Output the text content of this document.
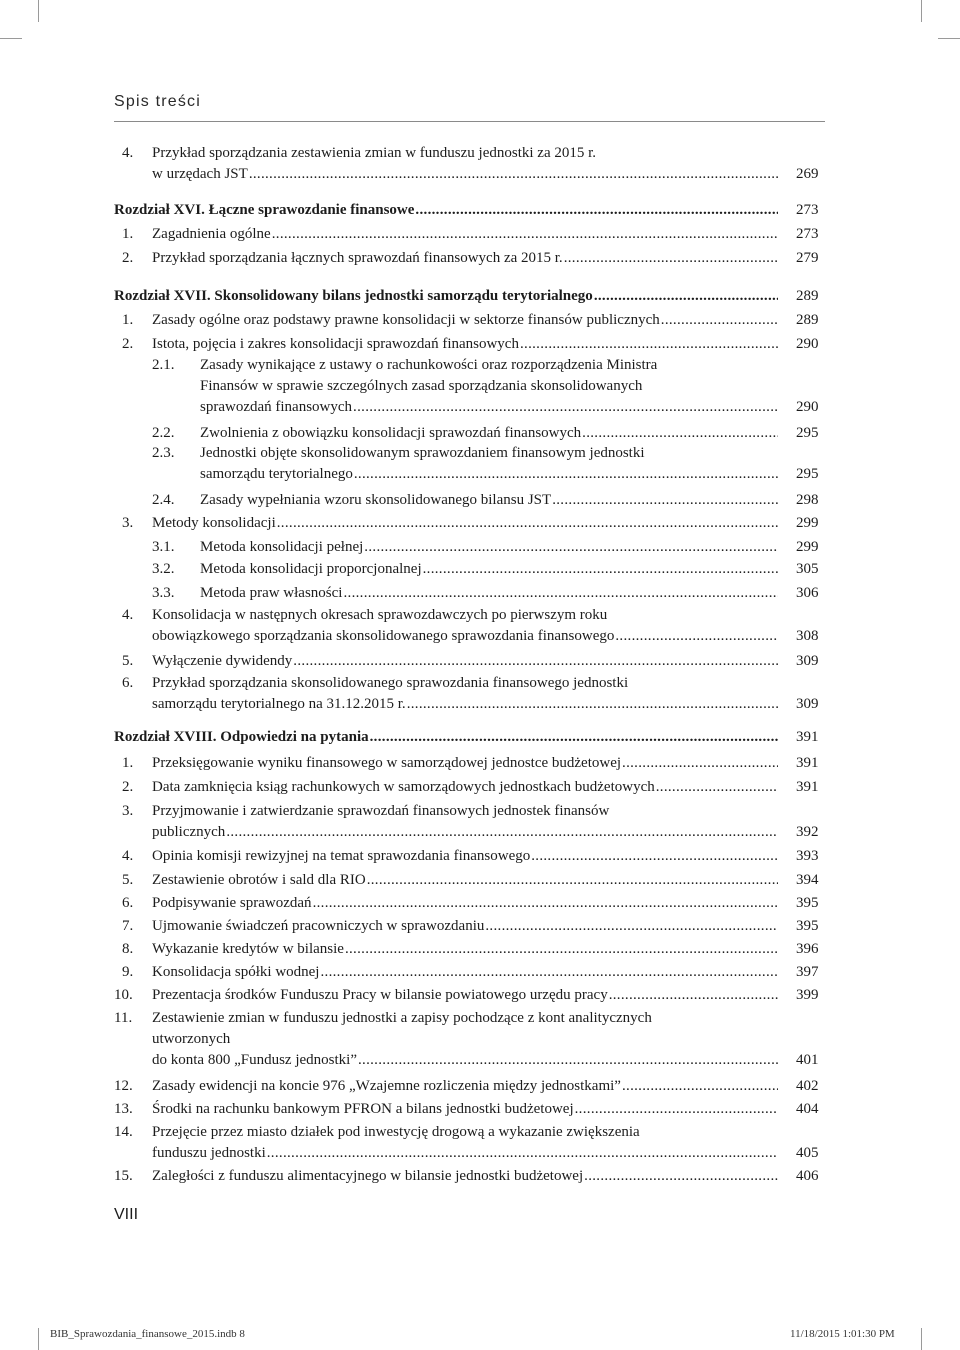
Spis treści
4. Przykład sporządzania zestawienia zmian w funduszu jednostki za 2015 r.
w urzędach JST .....	269
Rozdział XVI. Łączne sprawozdanie finansowe .....	273
1. Zagadnienia ogólne .....	273
2. Przykład sporządzania łącznych sprawozdań finansowych za 2015 r. .....	279
Rozdział XVII. Skonsolidowany bilans jednostki samorządu terytorialnego .....	289
1. Zasady ogólne oraz podstawy prawne konsolidacji w sektorze finansów publicznych .....	289
2. Istota, pojęcia i zakres konsolidacji sprawozdań finansowych .....	290
2.1. Zasady wynikające z ustawy o rachunkowości oraz rozporządzenia Ministra
Finansów w sprawie szczególnych zasad sporządzania skonsolidowanych
sprawozdań finansowych .....	290
2.2. Zwolnienia z obowiązku konsolidacji sprawozdań finansowych .....	295
2.3. Jednostki objęte skonsolidowanym sprawozdaniem finansowym jednostki
samorządu terytorialnego .....	295
2.4. Zasady wypełniania wzoru skonsolidowanego bilansu JST .....	298
3. Metody konsolidacji .....	299
3.1. Metoda konsolidacji pełnej .....	299
3.2. Metoda konsolidacji proporcjonalnej .....	305
3.3. Metoda praw własności .....	306
4. Konsolidacja w następnych okresach sprawozdawczych po pierwszym roku
obowiązkowego sporządzania skonsolidowanego sprawozdania finansowego .....	308
5. Wyłączenie dywidendy .....	309
6. Przykład sporządzania skonsolidowanego sprawozdania finansowego jednostki
samorządu terytorialnego na 31.12.2015 r. .....	309
Rozdział XVIII. Odpowiedzi na pytania .....	391
1. Przeksięgowanie wyniku finansowego w samorządowej jednostce budżetowej .....	391
2. Data zamknięcia ksiąg rachunkowych w samorządowych jednostkach budżetowych .....	391
3. Przyjmowanie i zatwierdzanie sprawozdań finansowych jednostek finansów
publicznych .....	392
4. Opinia komisji rewizyjnej na temat sprawozdania finansowego .....	393
5. Zestawienie obrotów i sald dla RIO .....	394
6. Podpisywanie sprawozdań .....	395
7. Ujmowanie świadczeń pracowniczych w sprawozdaniu .....	395
8. Wykazanie kredytów w bilansie .....	396
9. Konsolidacja spółki wodnej .....	397
10. Prezentacja środków Funduszu Pracy w bilansie powiatowego urzędu pracy .....	399
11. Zestawienie zmian w funduszu jednostki a zapisy pochodzące z kont analitycznych
utworzonych
do konta 800 „Fundusz jednostki” .....	401
12. Zasady ewidencji na koncie 976 „Wzajemne rozliczenia między jednostkami” .....	402
13. Środki na rachunku bankowym PFRON a bilans jednostki budżetowej .....	404
14. Przejęcie przez miasto działek pod inwestycję drogową a wykazanie zwiększenia
funduszu jednostki .....	405
15. Zaległości z funduszu alimentacyjnego w bilansie jednostki budżetowej .....	406
VIII
BIB_Sprawozdania_finansowe_2015.indb 8	11/18/2015 1:01:30 PM
